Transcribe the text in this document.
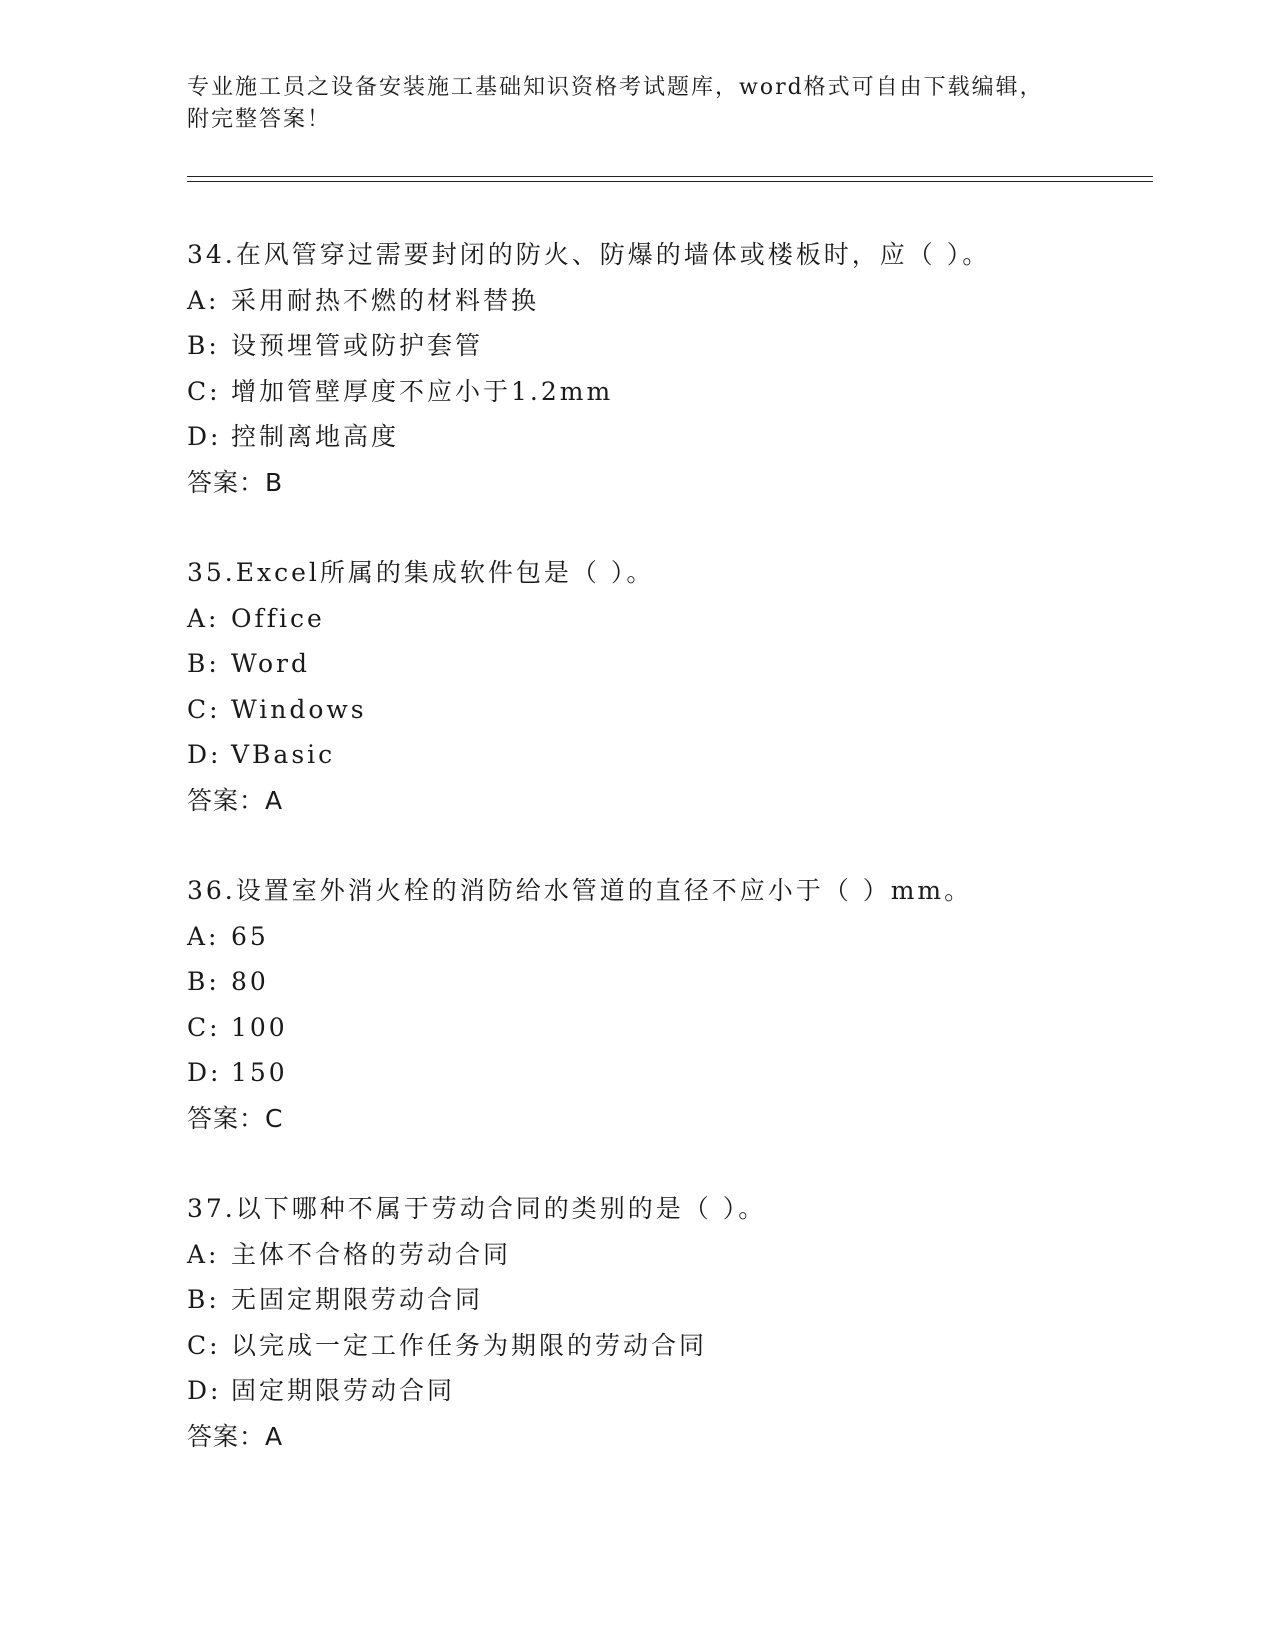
专业施工员之设备安装施工基础知识资格考试题库，word格式可自由下载编辑，
附完整答案！
34.在风管穿过需要封闭的防火、防爆的墙体或楼板时，应（ ）。
A: 采用耐热不燃的材料替换
B: 设预埋管或防护套管
C: 增加管壁厚度不应小于1.2mm
D: 控制离地高度
答案：B
35.Excel所属的集成软件包是（ ）。
A: Office
B: Word
C: Windows
D: VBasic
答案：A
36.设置室外消火栓的消防给水管道的直径不应小于（ ）mm。
A: 65
B: 80
C: 100
D: 150
答案：C
37.以下哪种不属于劳动合同的类别的是（ ）。
A: 主体不合格的劳动合同
B: 无固定期限劳动合同
C: 以完成一定工作任务为期限的劳动合同
D: 固定期限劳动合同
答案：A
